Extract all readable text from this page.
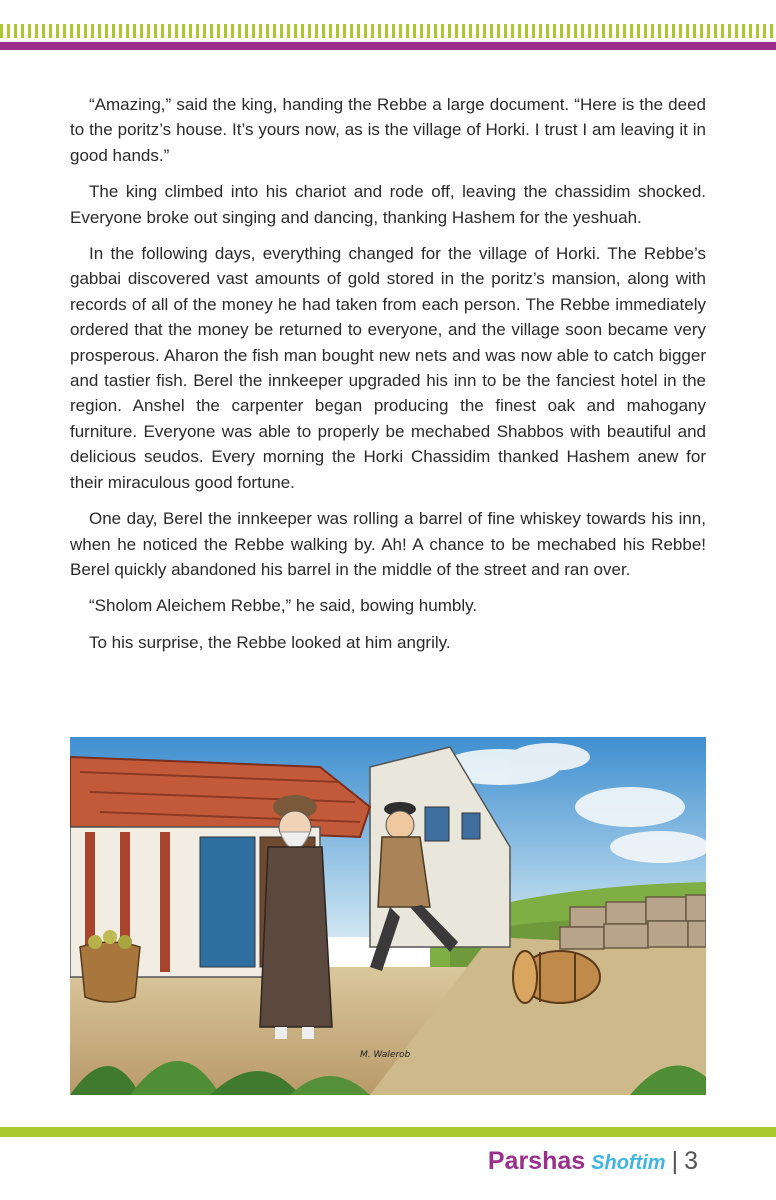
“Amazing,” said the king, handing the Rebbe a large document. “Here is the deed to the poritz’s house. It’s yours now, as is the village of Horki. I trust I am leaving it in good hands.”

The king climbed into his chariot and rode off, leaving the chassidim shocked. Everyone broke out singing and dancing, thanking Hashem for the yeshuah.

In the following days, everything changed for the village of Horki. The Rebbe’s gabbai discovered vast amounts of gold stored in the poritz’s mansion, along with records of all of the money he had taken from each person. The Rebbe immediately ordered that the money be returned to everyone, and the village soon became very prosperous. Aharon the fish man bought new nets and was now able to catch bigger and tastier fish. Berel the innkeeper upgraded his inn to be the fanciest hotel in the region. Anshel the carpenter began producing the finest oak and mahogany furniture. Everyone was able to properly be mechabed Shabbos with beautiful and delicious seudos. Every morning the Horki Chassidim thanked Hashem anew for their miraculous good fortune.

One day, Berel the innkeeper was rolling a barrel of fine whiskey towards his inn, when he noticed the Rebbe walking by. Ah! A chance to be mechabed his Rebbe! Berel quickly abandoned his barrel in the middle of the street and ran over.

“Sholom Aleichem Rebbe,” he said, bowing humbly.

To his surprise, the Rebbe looked at him angrily.

M. Walerob
Parshas Shoftim | 3
